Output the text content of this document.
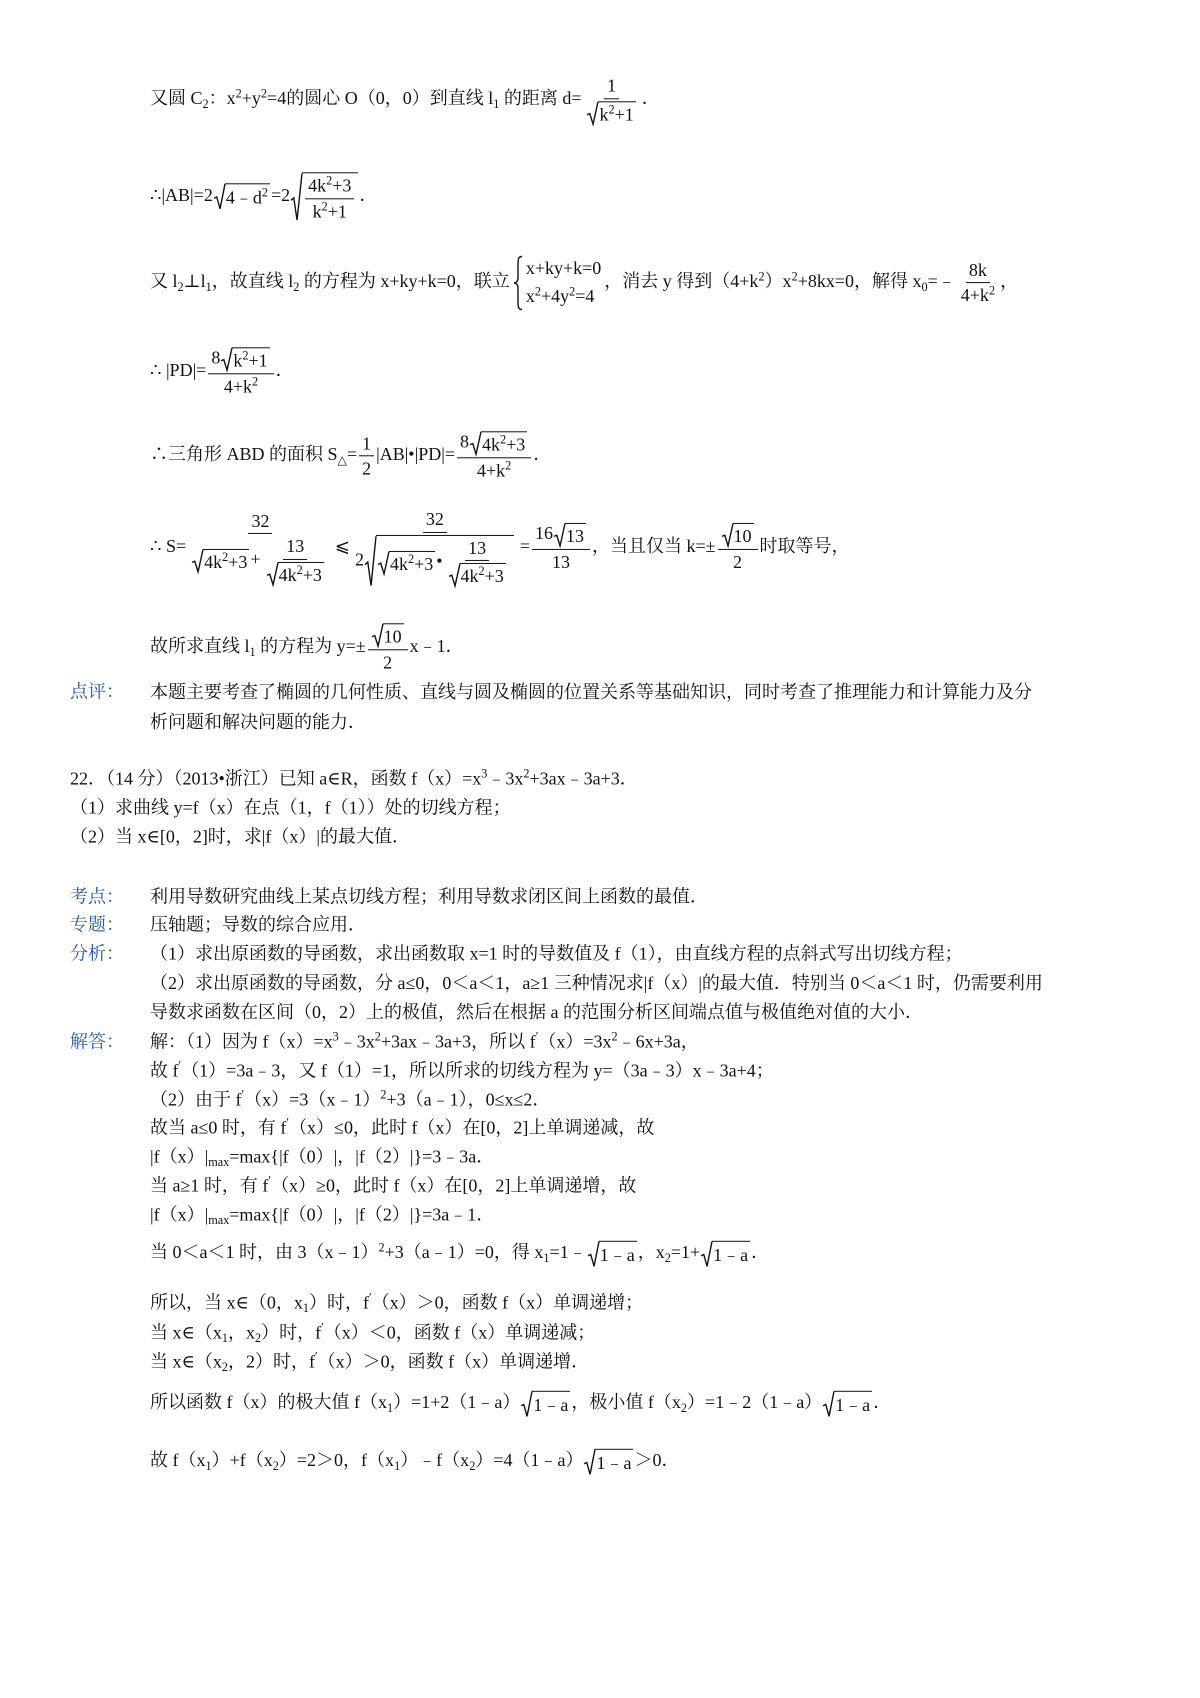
又圆 $C_2$：$x^2+y^2=4$的圆心 O（0，0）到直线 $l_1$ 的距离 $d= \frac{1}{k^2+1}$ ．
∴|AB|=2 $4﹣d^2 =2 \frac{4k^2+3}{k^2+1}$ ．
又 $l_2\perp l_1$，故直线 $l_2$ 的方程为 x+ky+k=0，联立
x+ky+k=0
$x^2+4y^2=4$
，消去 y 得到$(4+k^2)x^2+8kx=0$，解得 $x_0=﹣ \frac{8k}{4+k^2}$ ，
∴ $|PD|= \frac{8 k^2+1}{4+k^2}$ ．
∴三角形 ABD 的面积 $S_\triangle= \frac{1}{2}$ |AB|•|PD|= $\frac{8 4k^2+3}{4+k^2}$ ．
∴ $S= \frac{32}{4k^2+3 + \frac{13}{4k^2+3}}$ ⩽ $\frac{32}{2 4k^2+3 • \frac{13}{4k^2+3}} = \frac{16 13}{13}$ ，当且仅当 $k=\pm \frac{10}{2}$ 时取等号，
故所求直线 $l_1$ 的方程为 $y=\pm \frac{10}{2}$ x﹣1．
点评： 本题主要考查了椭圆的几何性质、直线与圆及椭圆的位置关系等基础知识，同时考查了推理能力和计算能力及分析问题和解决问题的能力．
22．（14 分）（2013•浙江）已知 a∈R，函数 $f(x)=x^3﹣3x^2+3ax﹣3a+3$．
（1）求曲线 y=f（x）在点（1，f（1））处的切线方程；
（2）当 x∈[0，2]时，求|f（x）|的最大值．
考点： 利用导数研究曲线上某点切线方程；利用导数求闭区间上函数的最值．
专题： 压轴题；导数的综合应用．
分析： （1）求出原函数的导函数，求出函数取 x=1 时的导数值及 f（1），由直线方程的点斜式写出切线方程；
（2）求出原函数的导函数，分 a≤0，0＜a＜1，a≥1 三种情况求|f（x）|的最大值．特别当 0＜a＜1 时，仍需要利用导数求函数在区间（0，2）上的极值，然后在根据 a 的范围分析区间端点值与极值绝对值的大小．
解答： 解：（1）因为 $f(x)=x^3﹣3x^2+3ax﹣3a+3$，所以 $f'(x)=3x^2﹣6x+3a$，
故 f′（1）=3a﹣3，又 f（1）=1，所以所求的切线方程为 y=（3a﹣3）x﹣3a+4；
（2）由于 f′（x）=3（x﹣1）$^2$+3（a﹣1），0≤x≤2．
故当 a≤0 时，有 f′（x）≤0，此时 f（x）在[0，2]上单调递减，故
$|f(x)|_{max}=\max\{|f(0)|$，|f（2）|}=3﹣3a．
当 a≥1 时，有 f′（x）≥0，此时 f（x）在[0，2]上单调递增，故
$|f(x)|_{max}=\max\{|f(0)|$，|f（2）|}=3a﹣1．
当 0＜a＜1 时，由 3（x﹣1）$^2$+3（a﹣1）=0，得 $x_1=1﹣$ 1﹣a ，$x_2=1+$ 1﹣a ．
所以，当 x∈（0，$x_1$）时，f′（x）＞0，函数 f（x）单调递增；
当 $x\in(x_1$，$x_2$）时，f′（x）＜0，函数 f（x）单调递减；
当 $x\in(x_2$，2）时，f′（x）＞0，函数 f（x）单调递增．
所以函数 f（x）的极大值 $f(x_1)=1+2(1﹣a)$ 1﹣a ，极小值 $f(x_2)=1﹣2(1﹣a)$ 1﹣a ．
故 $f(x_1)+f(x_2)=2>0$，$f(x_1)﹣f(x_2)=4(1﹣a)$ 1﹣a ＞0．
